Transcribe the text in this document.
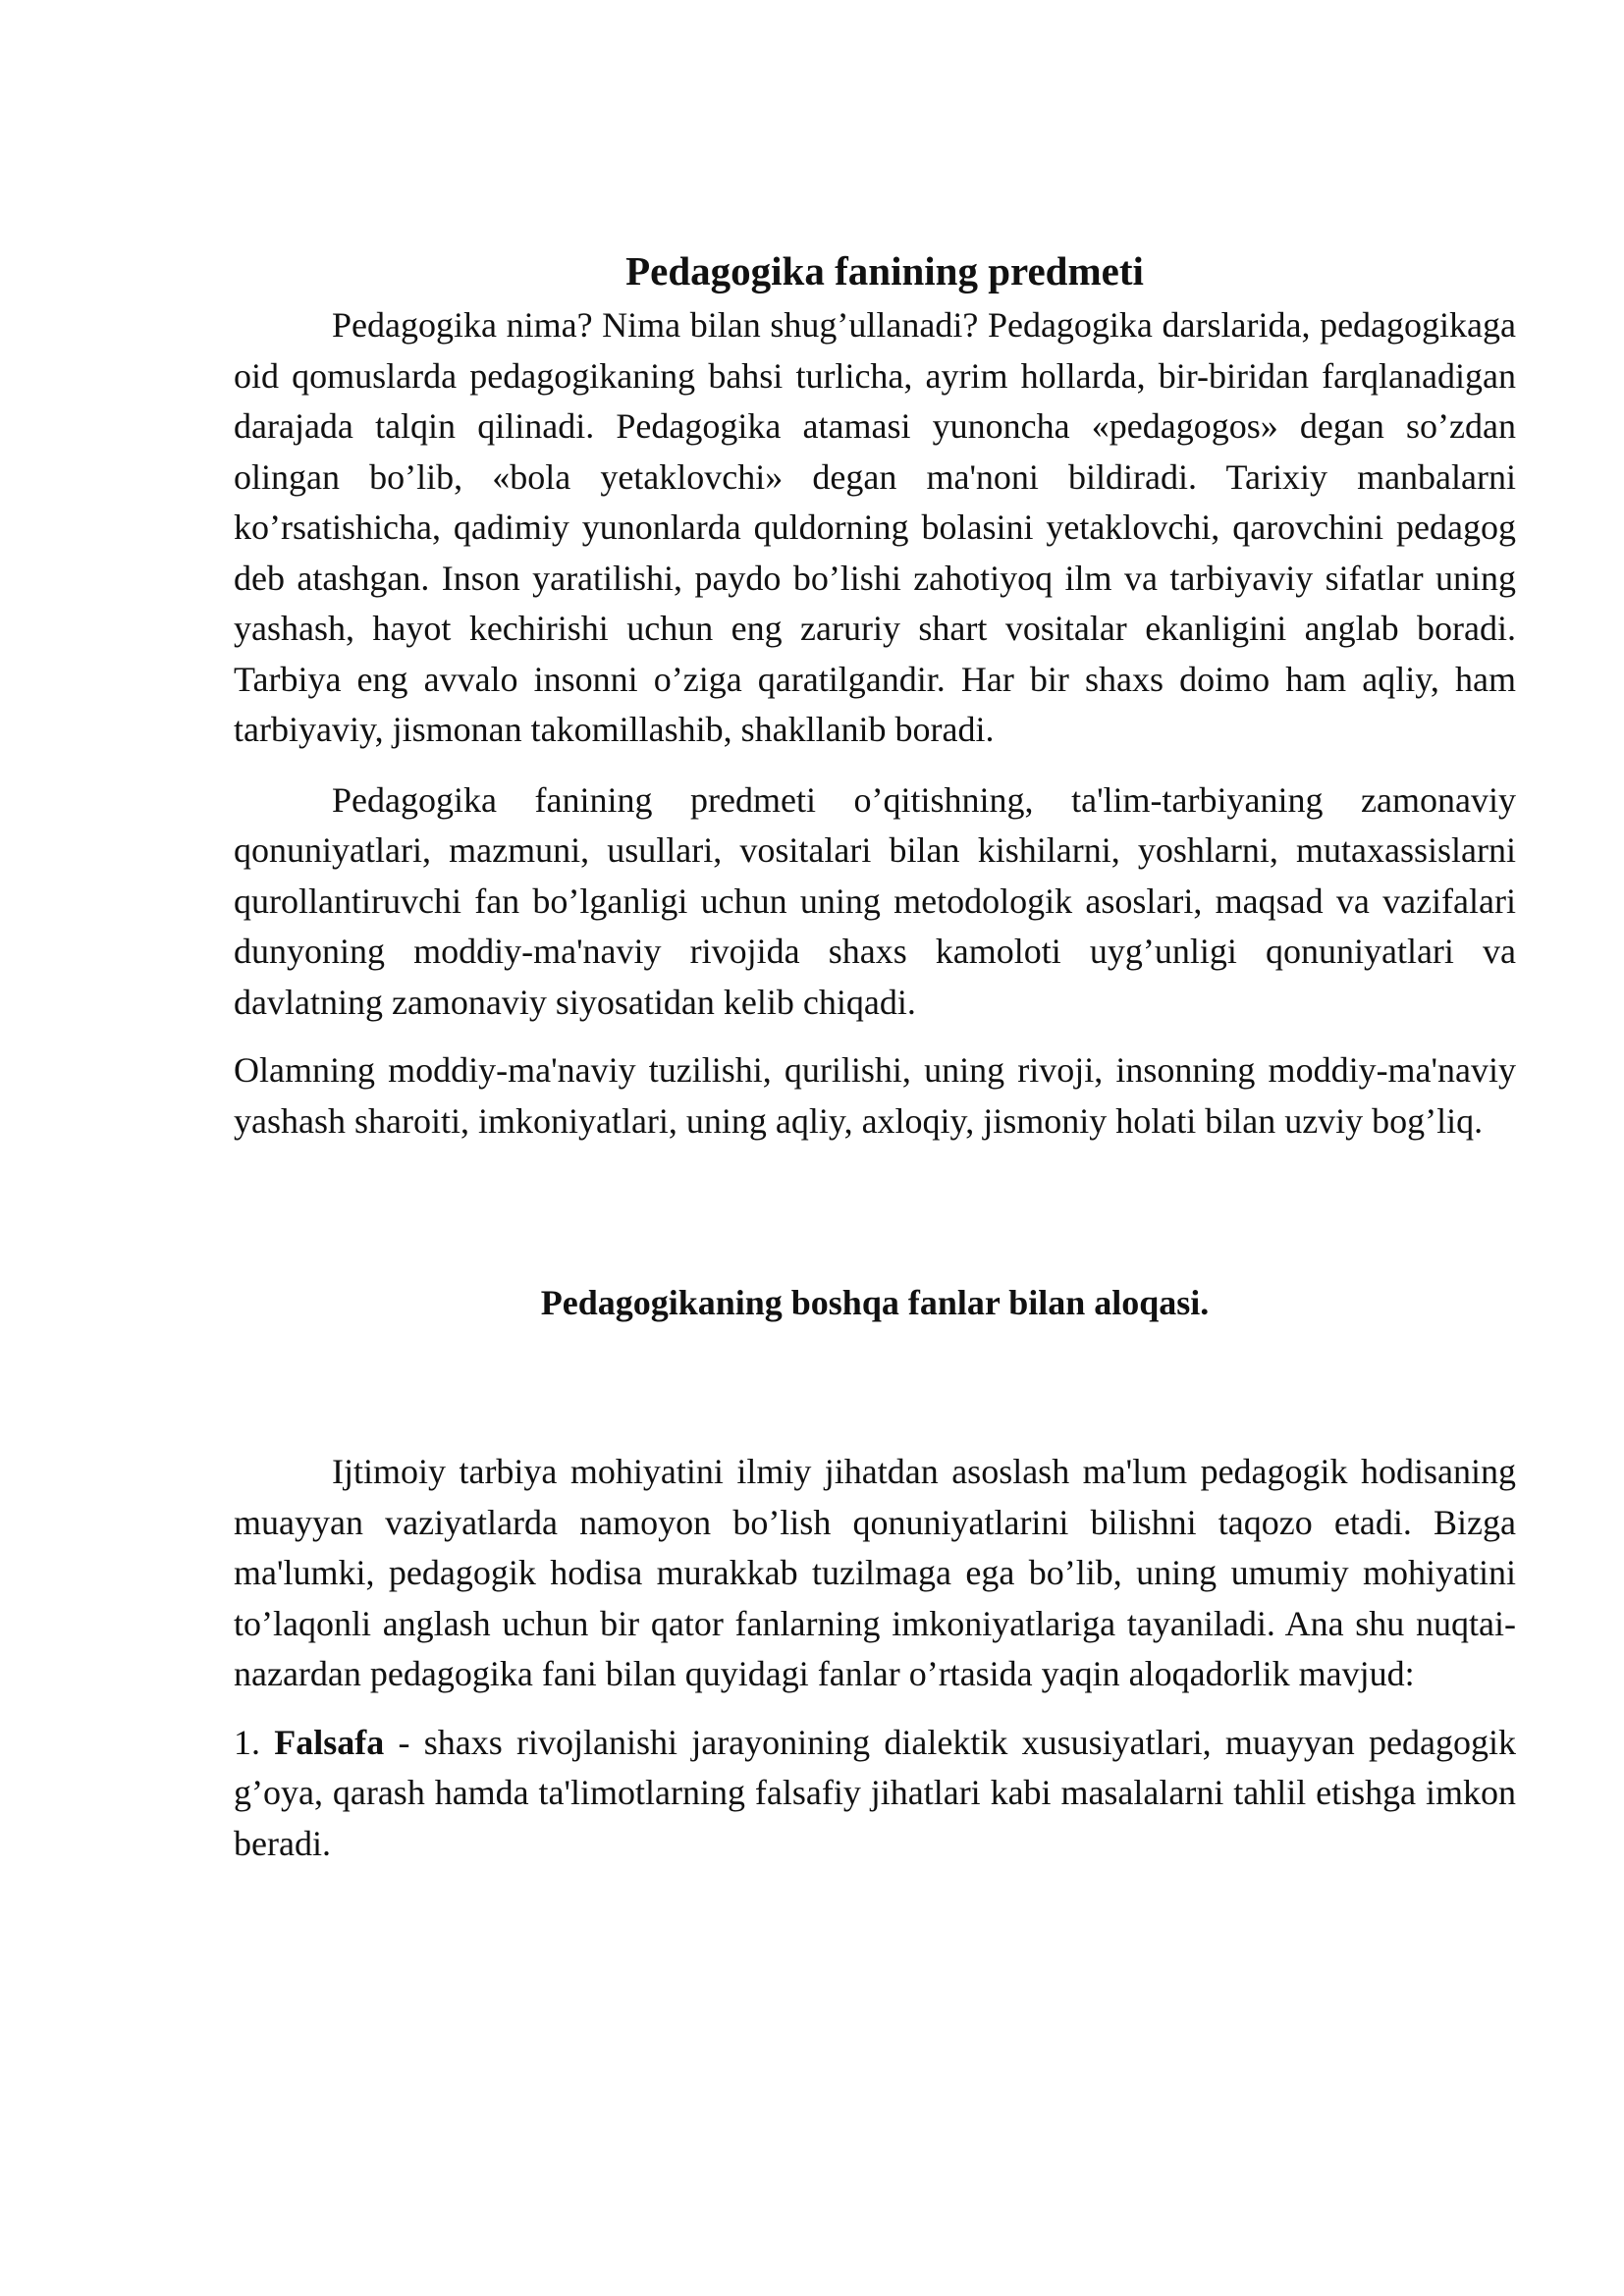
Pedagogika fanining predmeti

Pedagogika nima? Nima bilan shug’ullanadi? Pedagogika darslarida, pedagogikaga oid qomuslarda pedagogikaning bahsi turlicha, ayrim hollarda, bir-biridan farqlanadigan darajada talqin qilinadi. Pedagogika atamasi yunoncha «pedagogos» degan so’zdan olingan bo’lib, «bola yetaklovchi» degan ma'noni bildiradi. Tarixiy manbalarni ko’rsatishicha, qadimiy yunonlarda quldorning bolasini yetaklovchi, qarovchini pedagog deb atashgan. Inson yaratilishi, paydo bo’lishi zahotiyoq ilm va tarbiyaviy sifatlar uning yashash, hayot kechirishi uchun eng zaruriy shart vositalar ekanligini anglab boradi. Tarbiya eng avvalo insonni o’ziga qaratilgandir. Har bir shaxs doimo ham aqliy, ham tarbiyaviy, jismonan takomillashib, shakllanib boradi.

Pedagogika fanining predmeti o’qitishning, ta'lim-tarbiyaning zamonaviy qonuniyatlari, mazmuni, usullari, vositalari bilan kishilarni, yoshlarni, mutaxassislarni qurollantiruvchi fan bo’lganligi uchun uning metodologik asoslari, maqsad va vazifalari dunyoning moddiy-ma'naviy rivojida shaxs kamoloti uyg’unligi qonuniyatlari va davlatning zamonaviy siyosatidan kelib chiqadi.

Olamning moddiy-ma'naviy tuzilishi, qurilishi, uning rivoji, insonning moddiy-ma'naviy yashash sharoiti, imkoniyatlari, uning aqliy, axloqiy, jismoniy holati bilan uzviy bog’liq.

Pedagogikaning boshqa fanlar bilan aloqasi.

Ijtimoiy tarbiya mohiyatini ilmiy jihatdan asoslash ma'lum pedagogik hodisaning muayyan vaziyatlarda namoyon bo’lish qonuniyatlarini bilishni taqozo etadi. Bizga ma'lumki, pedagogik hodisa murakkab tuzilmaga ega bo’lib, uning umumiy mohiyatini to’laqonli anglash uchun bir qator fanlarning imkoniyatlariga tayaniladi. Ana shu nuqtai-nazardan pedagogika fani bilan quyidagi fanlar o’rtasida yaqin aloqadorlik mavjud:

1. Falsafa - shaxs rivojlanishi jarayonining dialektik xususiyatlari, muayyan pedagogik g’oya, qarash hamda ta'limotlarning falsafiy jihatlari kabi masalalarni tahlil etishga imkon beradi.
